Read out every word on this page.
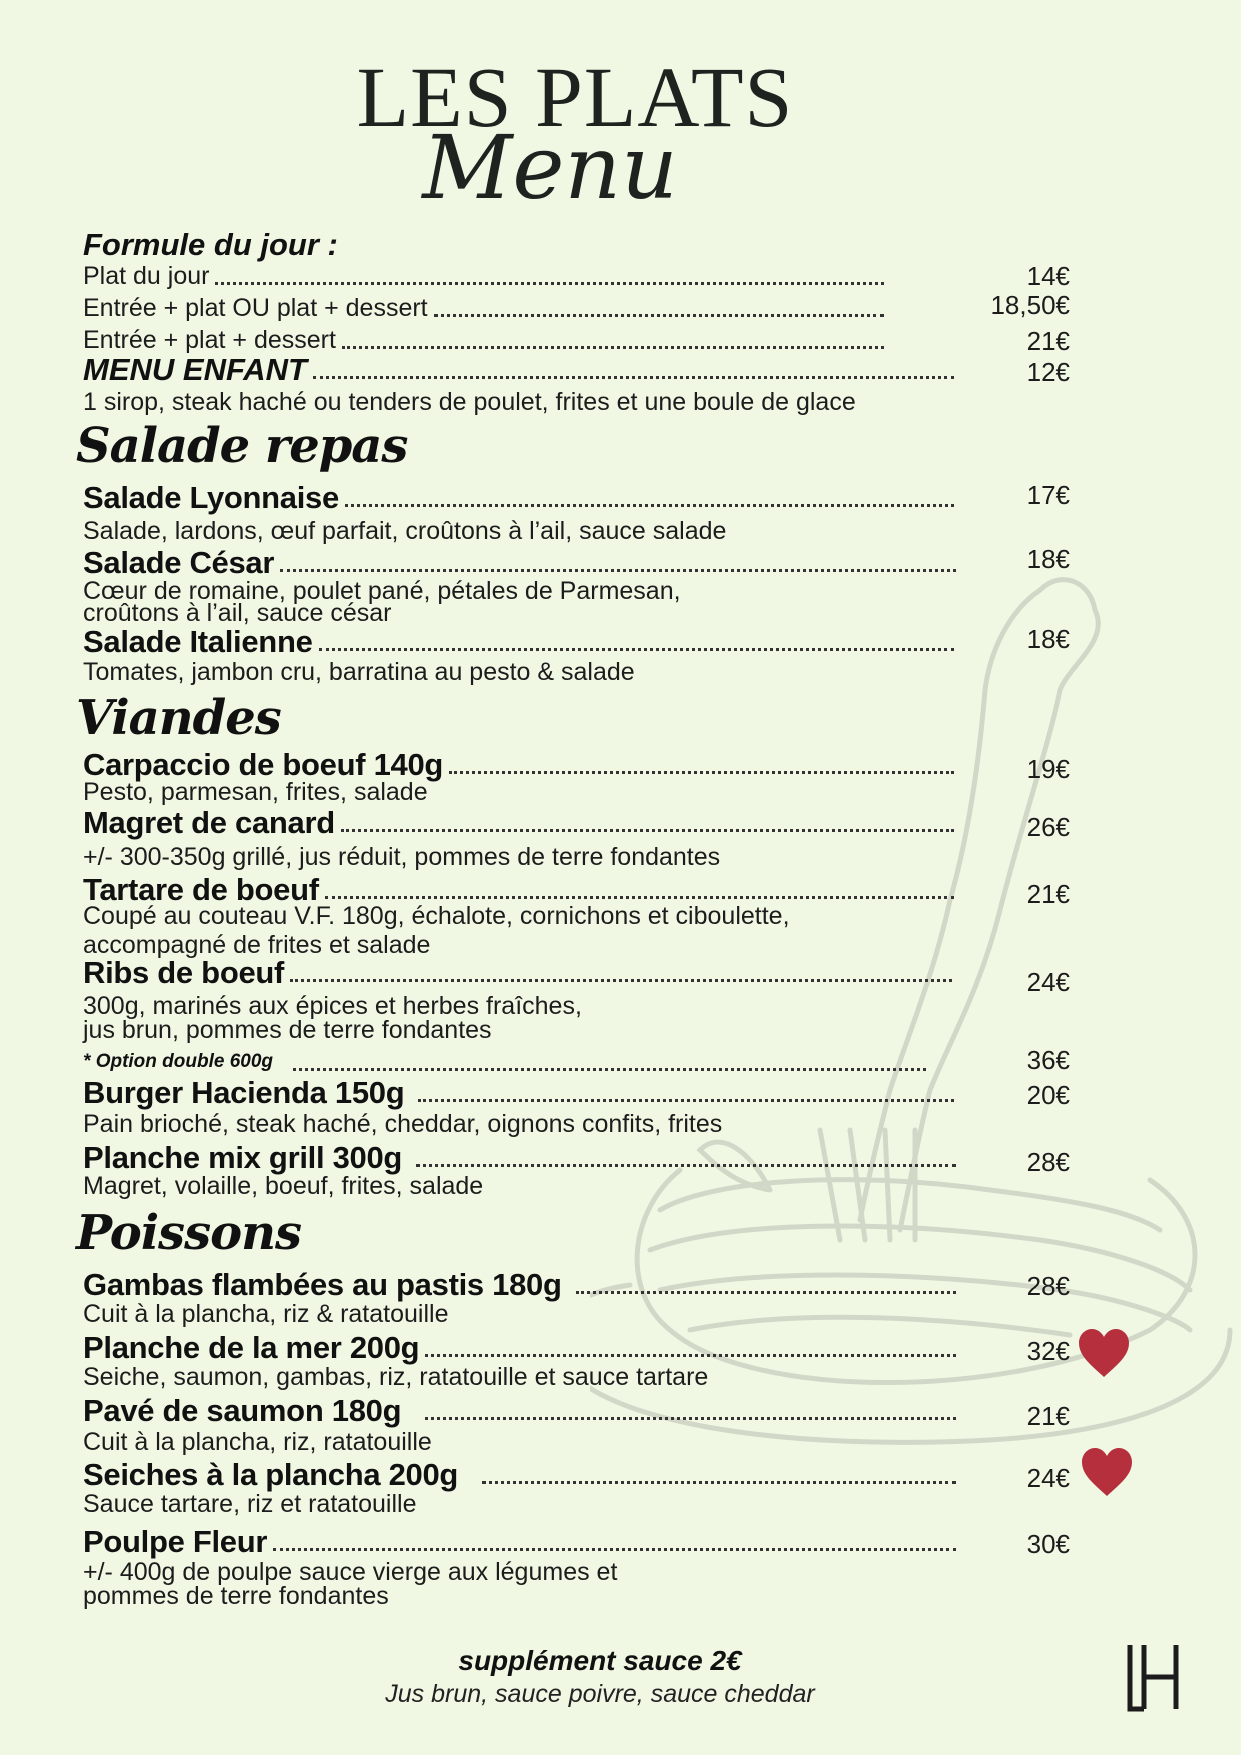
LES PLATS
Menu
Formule du jour :
Plat du jour	14€
Entrée + plat OU plat + dessert	18,50€
Entrée + plat + dessert	21€
MENU ENFANT	12€
1 sirop, steak haché ou tenders de poulet, frites et une boule de glace
Salade repas
Salade Lyonnaise	17€
Salade, lardons, œuf parfait, croûtons à l’ail, sauce salade
Salade César	18€
Cœur de romaine, poulet pané, pétales de Parmesan,
croûtons à l’ail, sauce césar
Salade Italienne	18€
Tomates, jambon cru, barratina au pesto & salade
Viandes
Carpaccio de boeuf 140g	19€
Pesto, parmesan, frites, salade
Magret de canard	26€
+/- 300-350g grillé, jus réduit, pommes de terre fondantes
Tartare de boeuf	21€
Coupé au couteau V.F. 180g, échalote, cornichons et ciboulette,
accompagné de frites et salade
Ribs de boeuf	24€
300g, marinés aux épices et herbes fraîches,
jus brun, pommes de terre fondantes
* Option double 600g	36€
Burger Hacienda 150g	20€
Pain brioché, steak haché, cheddar, oignons confits, frites
Planche mix grill 300g	28€
Magret, volaille, boeuf, frites, salade
Poissons
Gambas flambées au pastis 180g	28€
Cuit à la plancha, riz & ratatouille
Planche de la mer 200g	32€
Seiche, saumon, gambas, riz, ratatouille et sauce tartare
Pavé de saumon 180g	21€
Cuit à la plancha, riz, ratatouille
Seiches à la plancha 200g	24€
Sauce tartare, riz et ratatouille
Poulpe Fleur	30€
+/- 400g de poulpe sauce vierge aux légumes et
pommes de terre fondantes
supplément sauce 2€
Jus brun, sauce poivre, sauce cheddar
